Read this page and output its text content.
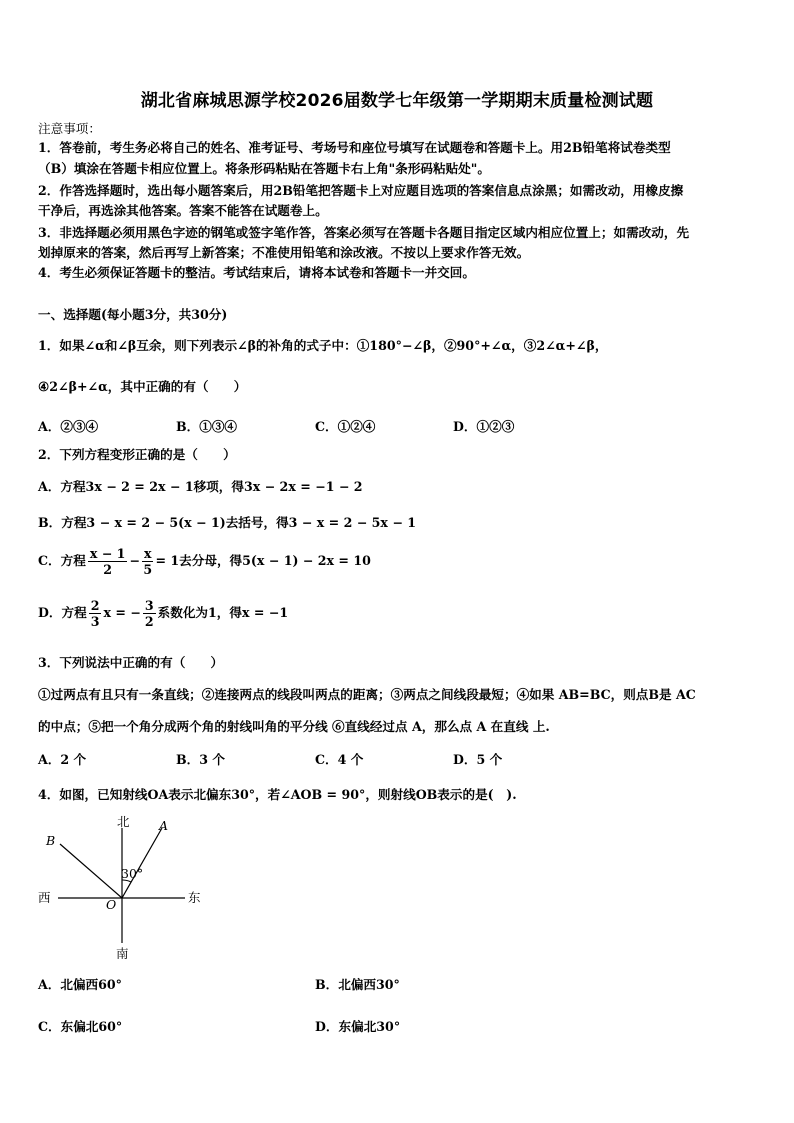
湖北省麻城思源学校2026届数学七年级第一学期期末质量检测试题
注意事项：
1．答卷前，考生务必将自己的姓名、准考证号、考场号和座位号填写在试题卷和答题卡上。用2B铅笔将试卷类型
（B）填涂在答题卡相应位置上。将条形码粘贴在答题卡右上角"条形码粘贴处"。
2．作答选择题时，选出每小题答案后，用2B铅笔把答题卡上对应题目选项的答案信息点涂黑；如需改动，用橡皮擦
干净后，再选涂其他答案。答案不能答在试题卷上。
3．非选择题必须用黑色字迹的钢笔或签字笔作答，答案必须写在答题卡各题目指定区域内相应位置上；如需改动，先
划掉原来的答案，然后再写上新答案；不准使用铅笔和涂改液。不按以上要求作答无效。
4．考生必须保证答题卡的整洁。考试结束后，请将本试卷和答题卡一并交回。
一、选择题(每小题3分，共30分)
1．如果∠α和∠β互余，则下列表示∠β的补角的式子中：①180°−∠β，②90°+∠α，③2∠α+∠β，
④2∠β+∠α，其中正确的有（　　）
A．②③④	B．①③④	C．①②④	D．①②③
2．下列方程变形正确的是（　　）
A．方程3x − 2 = 2x − 1移项，得3x − 2x = −1 − 2
B．方程3 − x = 2 − 5(x − 1)去括号，得3 − x = 2 − 5x − 1
C．方程 $\frac{x - 1}{2} - \frac{x}{5} = 1$去分母，得5(x − 1) − 2x = 10
D．方程 $\frac{2}{3}$ x = − $\frac{3}{2}$ 系数化为1，得x = −1
3．下列说法中正确的有（　　）
①过两点有且只有一条直线；②连接两点的线段叫两点的距离；③两点之间线段最短；④如果 AB=BC，则点B是 AC
的中点；⑤把一个角分成两个角的射线叫角的平分线 ⑥直线经过点 A，那么点 A 在直线 上.
A．2 个	B．3 个	C．4 个	D．5 个
4．如图，已知射线OA表示北偏东30°，若∠AOB = 90°，则射线OB表示的是(　).
北
南
西	东
A
B
O
30°
A．北偏西60°	B．北偏西30°
C．东偏北60°	D．东偏北30°
